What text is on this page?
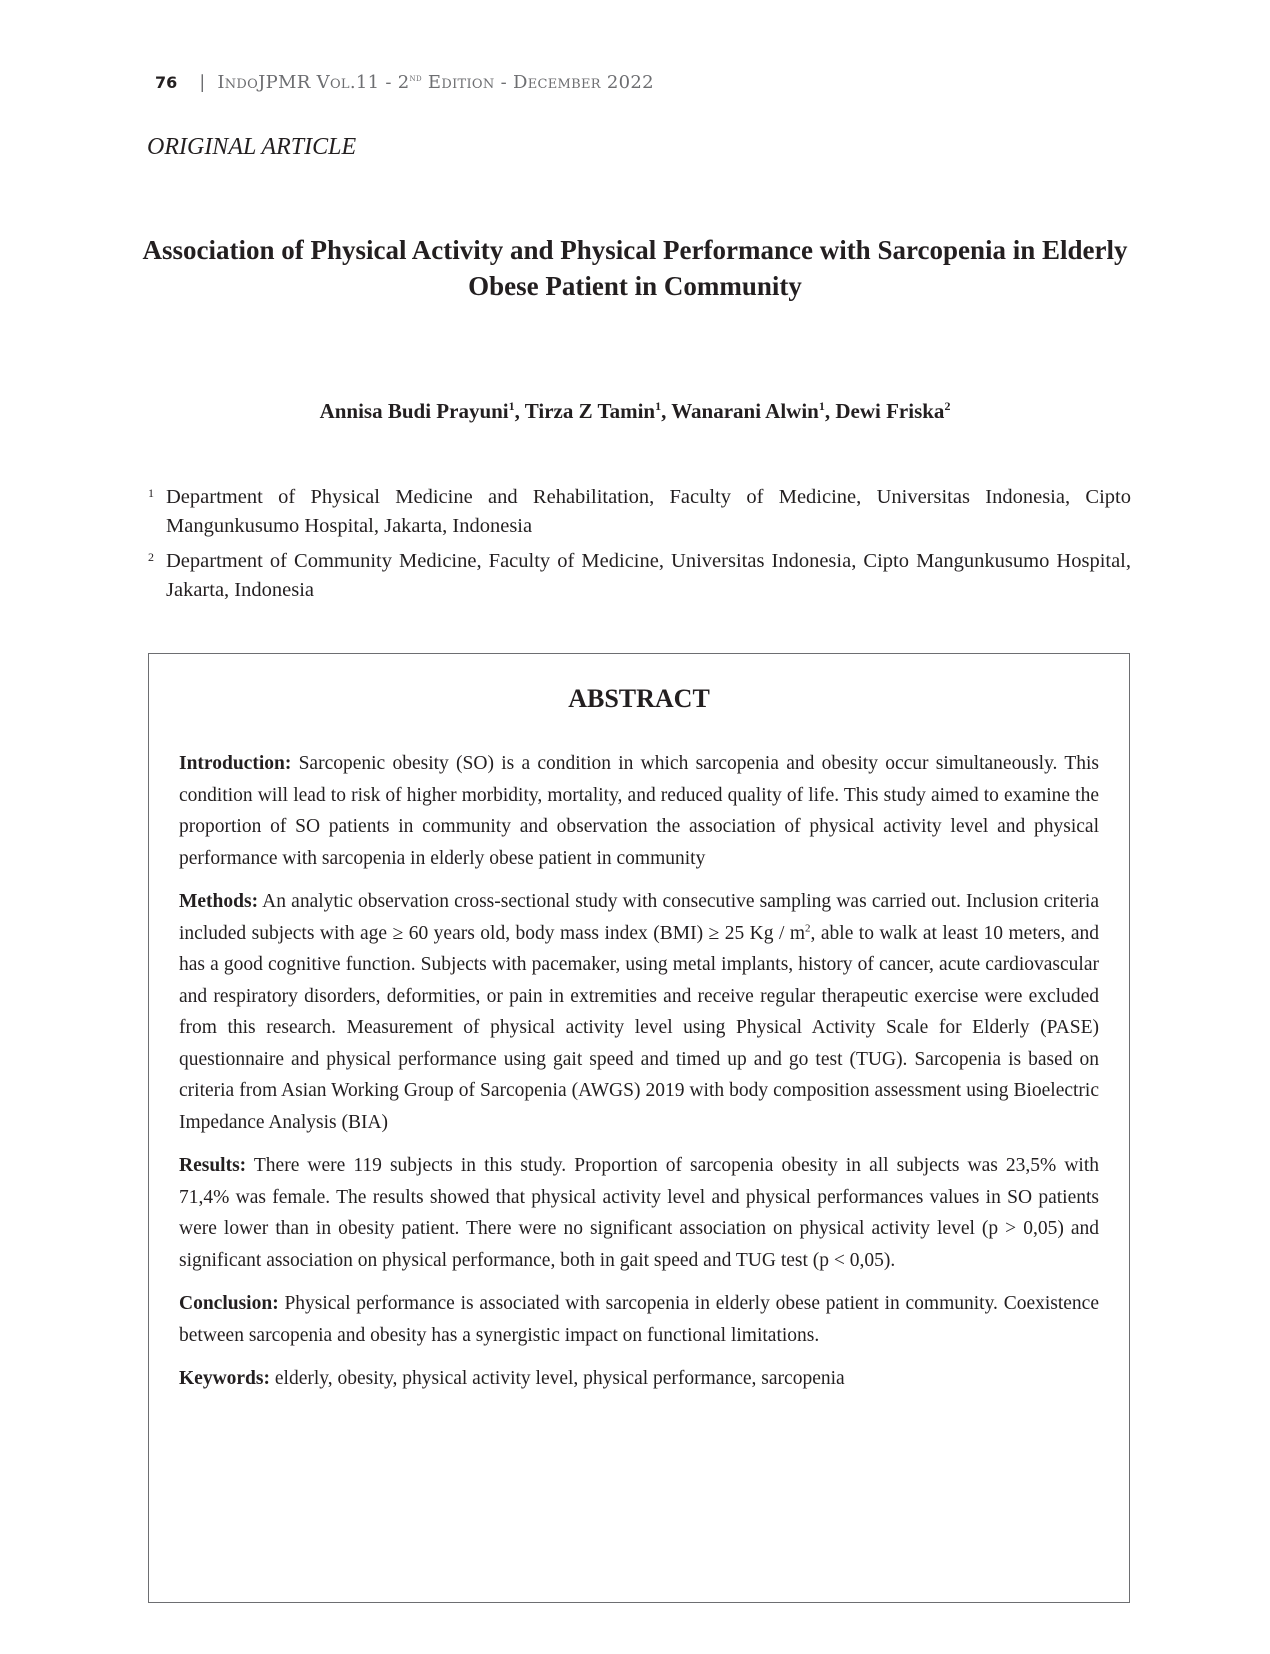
76 | IndoJPMR Vol.11 - 2nd Edition - December 2022
ORIGINAL ARTICLE
Association of Physical Activity and Physical Performance with Sarcopenia in Elderly Obese Patient in Community
Annisa Budi Prayuni$^1$, Tirza Z Tamin$^1$, Wanarani Alwin$^1$, Dewi Friska$^2$
1 Department of Physical Medicine and Rehabilitation, Faculty of Medicine, Universitas Indonesia, Cipto Mangunkusumo Hospital, Jakarta, Indonesia
2 Department of Community Medicine, Faculty of Medicine, Universitas Indonesia, Cipto Mangunkusumo Hospital, Jakarta, Indonesia
ABSTRACT

Introduction: Sarcopenic obesity (SO) is a condition in which sarcopenia and obesity occur simultaneously. This condition will lead to risk of higher morbidity, mortality, and reduced quality of life. This study aimed to examine the proportion of SO patients in community and observation the association of physical activity level and physical performance with sarcopenia in elderly obese patient in community

Methods: An analytic observation cross-sectional study with consecutive sampling was carried out. Inclusion criteria included subjects with age ≥ 60 years old, body mass index (BMI) ≥ 25 Kg / $m^2$, able to walk at least 10 meters, and has a good cognitive function. Subjects with pacemaker, using metal implants, history of cancer, acute cardiovascular and respiratory disorders, deformities, or pain in extremities and receive regular therapeutic exercise were excluded from this research. Measurement of physical activity level using Physical Activity Scale for Elderly (PASE) questionnaire and physical performance using gait speed and timed up and go test (TUG). Sarcopenia is based on criteria from Asian Working Group of Sarcopenia (AWGS) 2019 with body composition assessment using Bioelectric Impedance Analysis (BIA)

Results: There were 119 subjects in this study. Proportion of sarcopenia obesity in all subjects was 23,5% with 71,4% was female. The results showed that physical activity level and physical performances values in SO patients were lower than in obesity patient. There were no significant association on physical activity level (p > 0,05) and significant association on physical performance, both in gait speed and TUG test (p < 0,05).

Conclusion: Physical performance is associated with sarcopenia in elderly obese patient in community. Coexistence between sarcopenia and obesity has a synergistic impact on functional limitations.

Keywords: elderly, obesity, physical activity level, physical performance, sarcopenia
